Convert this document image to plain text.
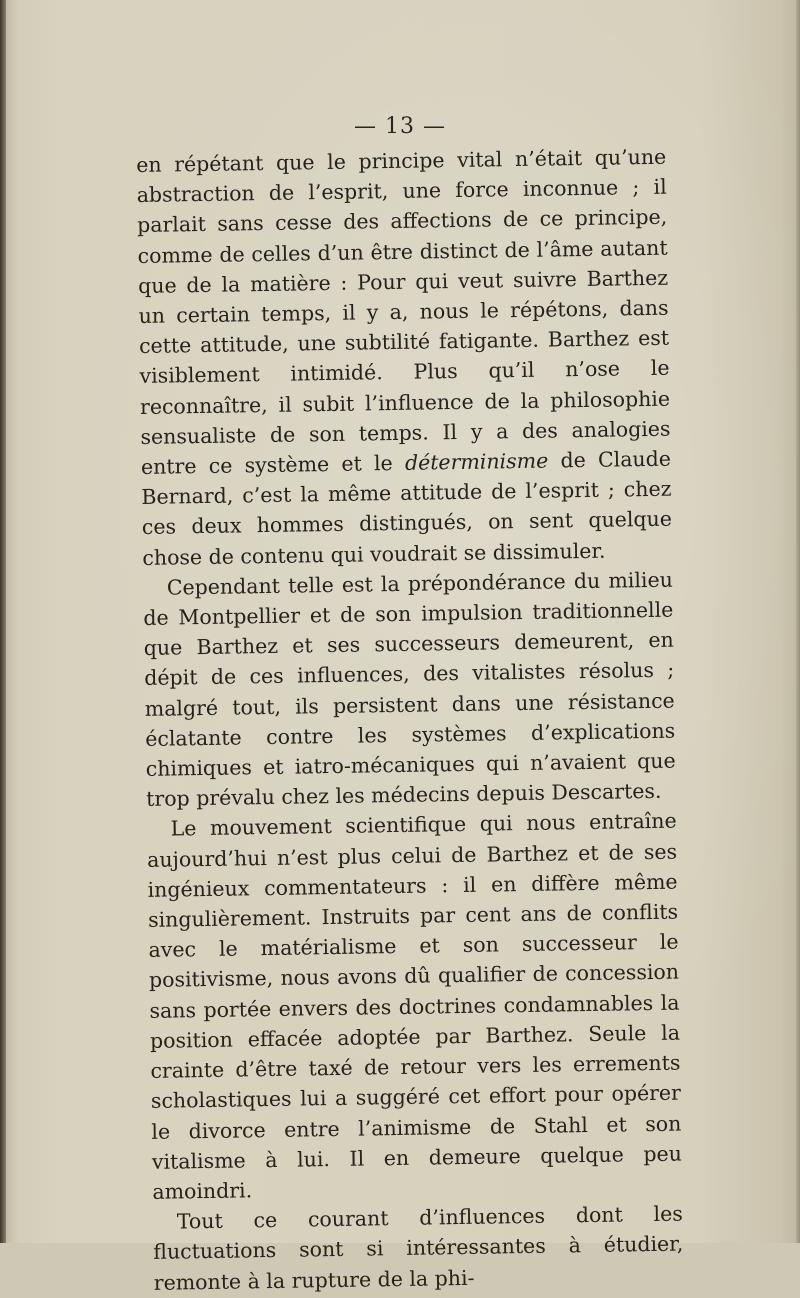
— 13 —

en répétant que le principe vital n’était qu’une abstraction de l’esprit, une force inconnue ; il parlait sans cesse des affections de ce principe, comme de celles d’un être distinct de l’âme autant que de la matière : Pour qui veut suivre Barthez un certain temps, il y a, nous le répétons, dans cette attitude, une subtilité fatigante. Barthez est visiblement intimidé. Plus qu’il n’ose le reconnaître, il subit l’influence de la philosophie sensualiste de son temps. Il y a des analogies entre ce système et le déterminisme de Claude Bernard, c’est la même attitude de l’esprit ; chez ces deux hommes distingués, on sent quelque chose de contenu qui voudrait se dissimuler.

Cependant telle est la prépondérance du milieu de Montpellier et de son impulsion traditionnelle que Barthez et ses successeurs demeurent, en dépit de ces influences, des vitalistes résolus ; malgré tout, ils persistent dans une résistance éclatante contre les systèmes d’explications chimiques et iatro-mécaniques qui n’avaient que trop prévalu chez les médecins depuis Descartes.

Le mouvement scientifique qui nous entraîne aujourd’hui n’est plus celui de Barthez et de ses ingénieux commentateurs : il en diffère même singulièrement. Instruits par cent ans de conflits avec le matérialisme et son successeur le positivisme, nous avons dû qualifier de concession sans portée envers des doctrines condamnables la position effacée adoptée par Barthez. Seule la crainte d’être taxé de retour vers les errements scholastiques lui a suggéré cet effort pour opérer le divorce entre l’animisme de Stahl et son vitalisme à lui. Il en demeure quelque peu amoindri.

Tout ce courant d’influences dont les fluctuations sont si intéressantes à étudier, remonte à la rupture de la phi-
